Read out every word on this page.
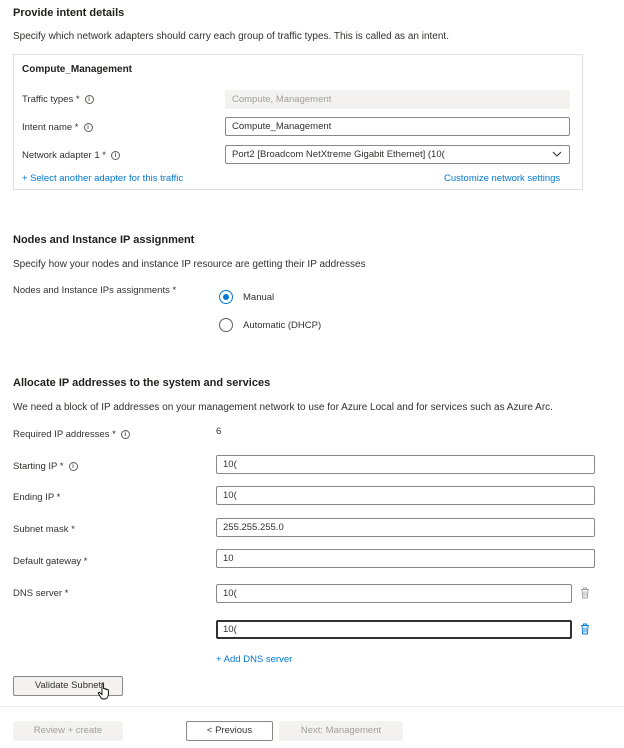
Provide intent details
Specify which network adapters should carry each group of traffic types. This is called as an intent.
Compute_Management
Traffic types * i	Compute, Management
Intent name * i	Compute_Management
Network adapter 1 * i	Port2 [Broadcom NetXtreme Gigabit Ethernet] (10(
+ Select another adapter for this traffic	Customize network settings
Nodes and Instance IP assignment
Specify how your nodes and instance IP resource are getting their IP addresses
Nodes and Instance IPs assignments *
Manual
Automatic (DHCP)
Allocate IP addresses to the system and services
We need a block of IP addresses on your management network to use for Azure Local and for services such as Azure Arc.
Required IP addresses * i	6
Starting IP * i	10(
Ending IP *	10(
Subnet mask *	255.255.255.0
Default gateway *	10
DNS server *	10(
10(
+ Add DNS server
Validate Subnet
Review + create	< Previous	Next: Management
